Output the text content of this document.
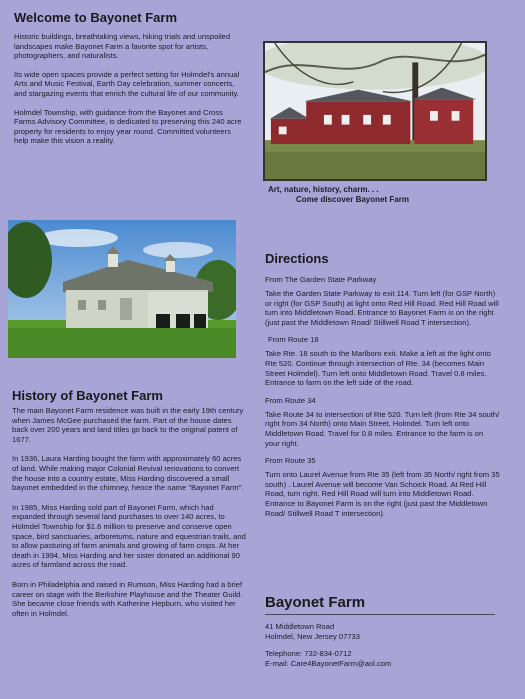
Welcome to Bayonet Farm

Historic buildings, breathtaking views, hiking trials and unspoiled landscapes make Bayonet Farm a favorite spot for artists, photographers, and naturalists.

Its wide open spaces provide a perfect setting for Holmdel's annual Arts and Music Festival, Earth Day celebration, summer concerts, and stargazing events that enrich the cultural life of our community.

Holmdel Township, with guidance from the Bayonet and Cross Farms Advisory Committee, is dedicated to preserving this 240 acre property for residents to enjoy year round. Committed volunteers help make this vision a reality.

History of Bayonet Farm

The main Bayonet Farm residence was built in the early 19th century when James McGee purchased the farm. Part of the house dates back over 200 years and land titles go back to the original patent of 1677.

In 1936, Laura Harding bought the farm with approximately 60 acres of land. While making major Colonial Revival renovations to convert the house into a country estate, Miss Harding discovered a small bayonet embedded in the chimney, hence the name "Bayonet Farm".

In 1985, Miss Harding sold part of Bayonet Farm, which had expanded through several land purchases to over 140 acres, to Holmdel Township for $1.6 million to preserve and conserve open space, bird sanctuaries, arboretums, nature and equestrian trails, and to allow pasturing of farm animals and growing of farm crops. At her death in 1994, Miss Harding and her sister donated an additional 90 acres of farmland across the road.

Born in Philadelphia and raised in Rumson, Miss Harding had a brief career on stage with the Berkshire Playhouse and the Theater Guild. She became close friends with Katherine Hepburn, who visited her often in Holmdel.

Art, nature, history, charm. . .
Come discover Bayonet Farm
Directions

From The Garden State Parkway

Take the Garden State Parkway to exit 114. Turn left (for GSP North) or right (for GSP South) at light onto Red Hill Road. Red Hill Road will turn into Middletown Road. Entrance to Bayonet Farm is on the right (just past the Middletown Road/ Stillwell Road T intersection).

From Route 18

Take Rte. 18 south to the Marlboro exit. Make a left at the light onto Rte 520. Continue through intersection of Rte. 34 (becomes Main Street Holmdel). Turn left onto Middletown Road. Travel 0.8 miles. Entrance to farm on the left side of the road.

From Route 34

Take Route 34 to intersection of Rte 520. Turn left (from Rte 34 south/ right from 34 North) onto Main Street, Holmdel. Turn left onto Middletown Road. Travel for 0.8 miles. Entrance to the farm is on your right.

From Route 35

Turn onto Laurel Avenue from Rte 35 (left from 35 North/ right from 35 south) . Laurel Avenue will become Van Schoick Road. At Red Hill Road, turn right. Red Hill Road will turn into Middletown Road. Entrance to Bayonet Farm is on the right (just past the Middletown Road/ Stillwell Road T intersection).

Bayonet Farm
41 Middletown Road
Holmdel, New Jersey 07733
Telephone: 732-834-0712
E-mail: Care4BayonetFarm@aol.com
